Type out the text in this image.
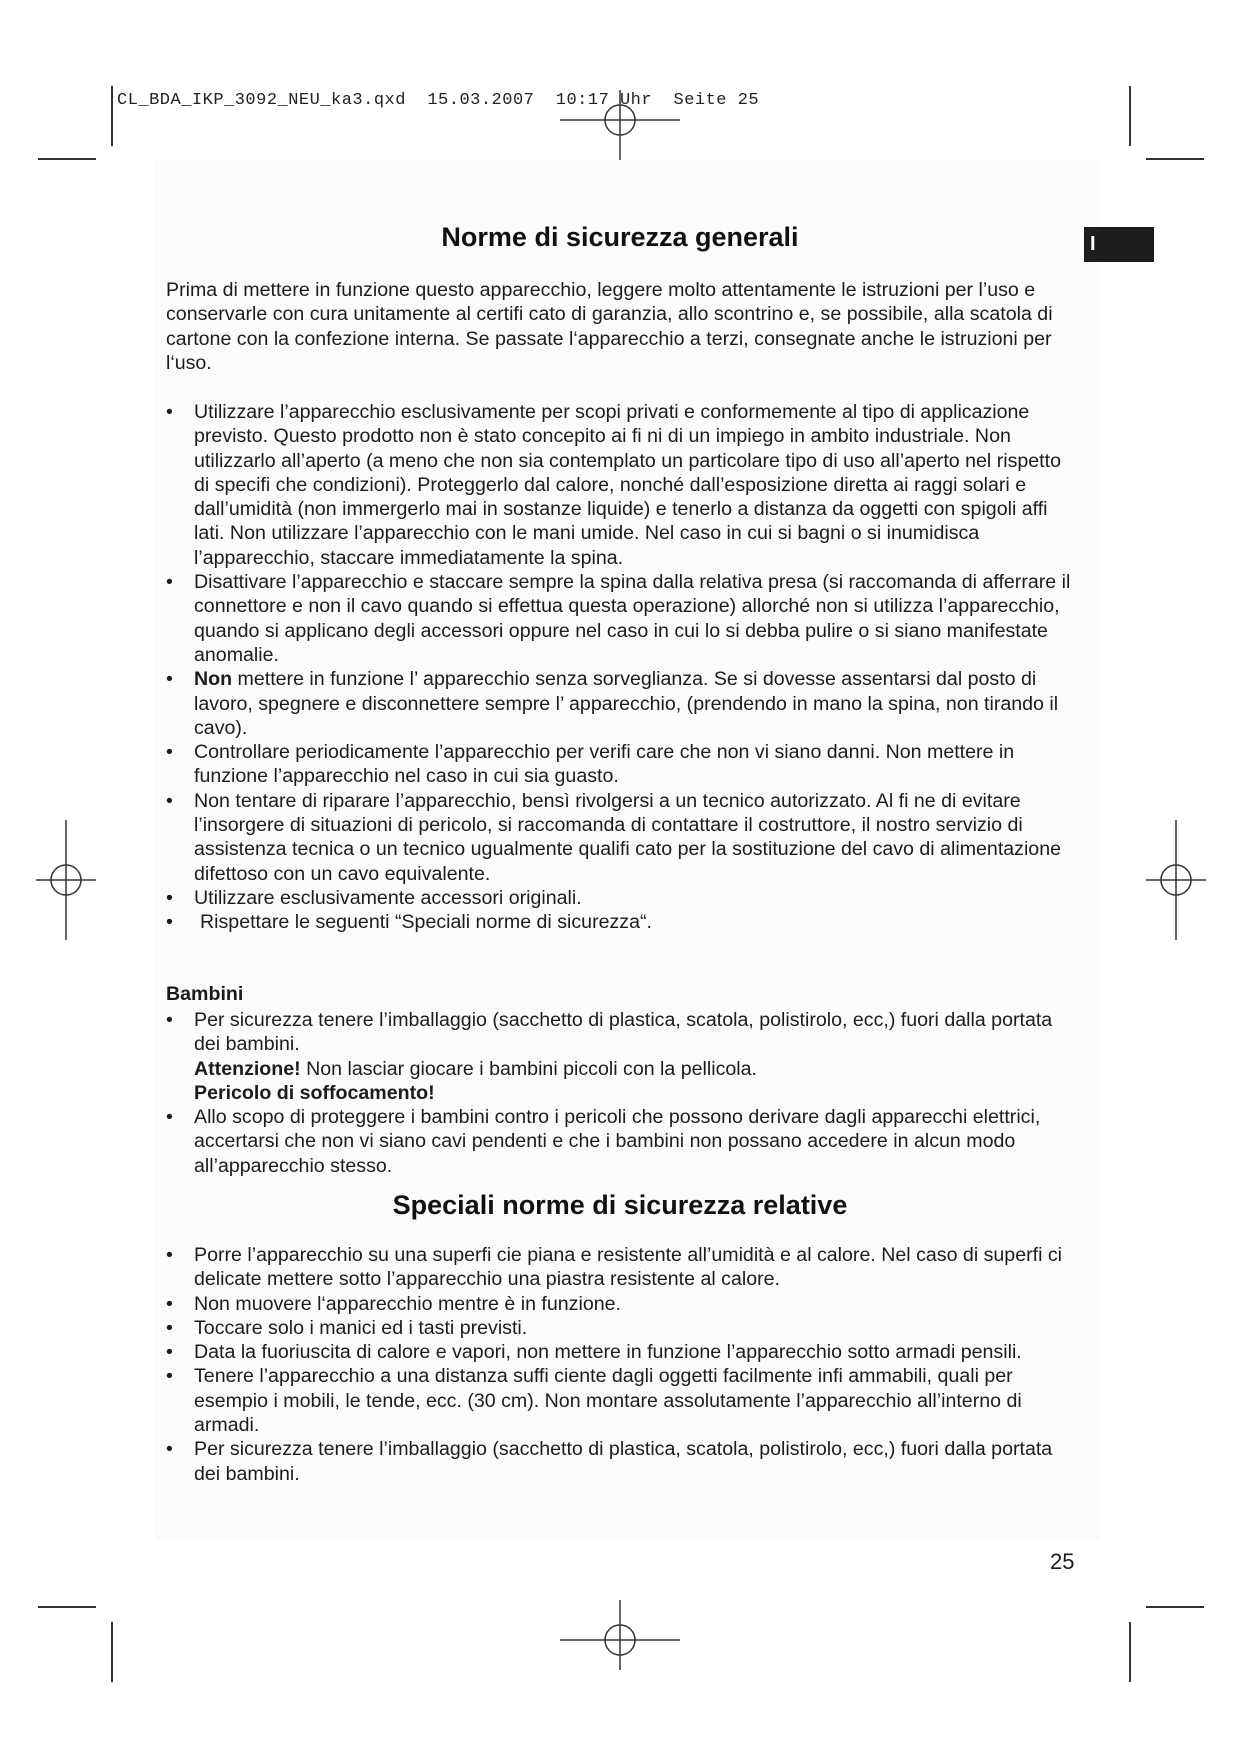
CL_BDA_IKP_3092_NEU_ka3.qxd  15.03.2007  10:17 Uhr  Seite 25
I
Norme di sicurezza generali
Prima di mettere in funzione questo apparecchio, leggere molto attentamente le istruzioni per l’uso e conservarle con cura unitamente al certifi cato di garanzia, allo scontrino e, se possibile, alla scatola di cartone con la confezione interna. Se passate l‘apparecchio a terzi, consegnate anche le istruzioni per l‘uso.
• Utilizzare l’apparecchio esclusivamente per scopi privati e conformemente al tipo di applicazione previsto. Questo prodotto non è stato concepito ai fi ni di un impiego in ambito industriale. Non utilizzarlo all’aperto (a meno che non sia contemplato un particolare tipo di uso all’aperto nel rispetto di specifi che condizioni). Proteggerlo dal calore, nonché dall’esposizione diretta ai raggi solari e dall’umidità (non immergerlo mai in sostanze liquide) e tenerlo a distanza da oggetti con spigoli affi lati. Non utilizzare l’apparecchio con le mani umide. Nel caso in cui si bagni o si inumidisca l’apparecchio, staccare immediatamente la spina.
• Disattivare l’apparecchio e staccare sempre la spina dalla relativa presa (si raccomanda di afferrare il connettore e non il cavo quando si effettua questa operazione) allorché non si utilizza l’apparecchio, quando si applicano degli accessori oppure nel caso in cui lo si debba pulire o si siano manifestate anomalie.
• Non mettere in funzione l’ apparecchio senza sorveglianza. Se si dovesse assentarsi dal posto di lavoro, spegnere e disconnettere sempre l’ apparecchio, (prendendo in mano la spina, non tirando il cavo).
• Controllare periodicamente l’apparecchio per verifi care che non vi siano danni. Non mettere in funzione l’apparecchio nel caso in cui sia guasto.
• Non tentare di riparare l’apparecchio, bensì rivolgersi a un tecnico autorizzato. Al fi ne di evitare l’insorgere di situazioni di pericolo, si raccomanda di contattare il costruttore, il nostro servizio di assistenza tecnica o un tecnico ugualmente qualifi cato per la sostituzione del cavo di alimentazione difettoso con un cavo equivalente.
• Utilizzare esclusivamente accessori originali.
• Rispettare le seguenti “Speciali norme di sicurezza“.
Bambini
• Per sicurezza tenere l’imballaggio (sacchetto di plastica, scatola, polistirolo, ecc,) fuori dalla portata dei bambini.
Attenzione! Non lasciar giocare i bambini piccoli con la pellicola.
Pericolo di soffocamento!
• Allo scopo di proteggere i bambini contro i pericoli che possono derivare dagli apparecchi elettrici, accertarsi che non vi siano cavi pendenti e che i bambini non possano accedere in alcun modo all’apparecchio stesso.
Speciali norme di sicurezza relative
• Porre l’apparecchio su una superfi cie piana e resistente all’umidità e al calore. Nel caso di superfi ci delicate mettere sotto l’apparecchio una piastra resistente al calore.
• Non muovere l‘apparecchio mentre è in funzione.
• Toccare solo i manici ed i tasti previsti.
• Data la fuoriuscita di calore e vapori, non mettere in funzione l’apparecchio sotto armadi pensili.
• Tenere l’apparecchio a una distanza suffi ciente dagli oggetti facilmente infi ammabili, quali per esempio i mobili, le tende, ecc. (30 cm). Non montare assolutamente l’apparecchio all’interno di armadi.
• Per sicurezza tenere l’imballaggio (sacchetto di plastica, scatola, polistirolo, ecc,) fuori dalla portata dei bambini.
25
